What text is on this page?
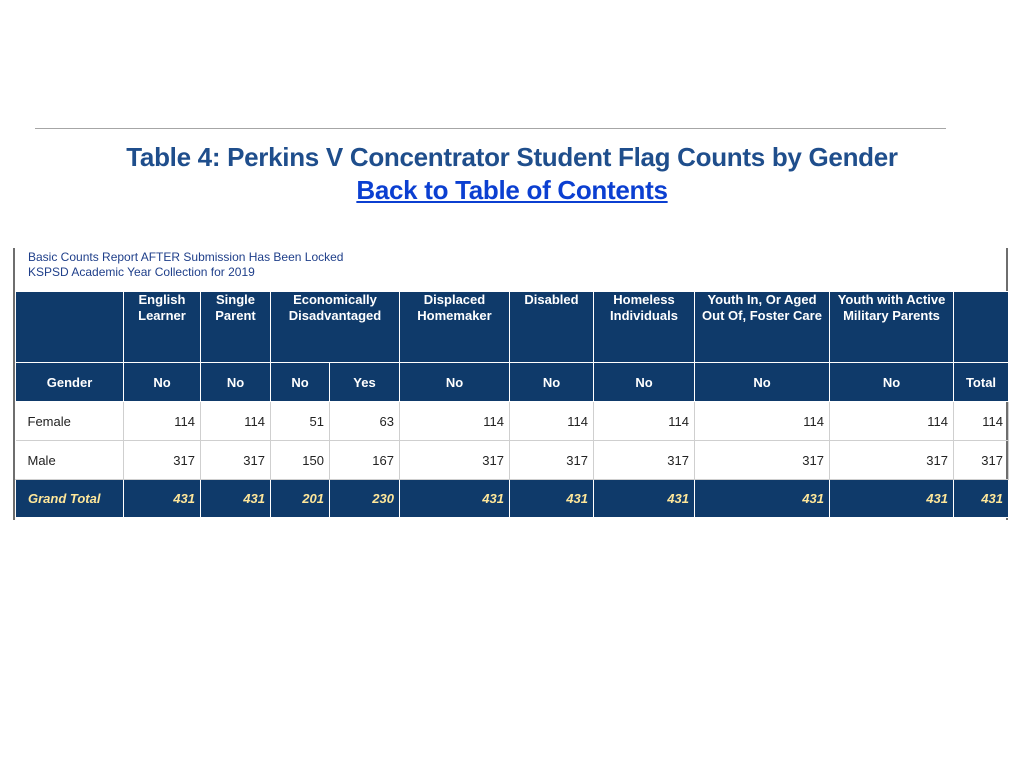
Table 4: Perkins V Concentrator Student Flag Counts by Gender
Back to Table of Contents
Basic Counts Report AFTER Submission Has Been Locked
KSPSD Academic Year Collection for 2019
	English Learner	Single Parent	Economically Disadvantaged		Displaced Homemaker	Disabled	Homeless Individuals	Youth In, Or Aged Out Of, Foster Care	Youth with Active Military Parents	
Gender	No	No	No	Yes	No	No	No	No	No	Total
Female	114	114	51	63	114	114	114	114	114	114
Male	317	317	150	167	317	317	317	317	317	317
Grand Total	431	431	201	230	431	431	431	431	431	431
